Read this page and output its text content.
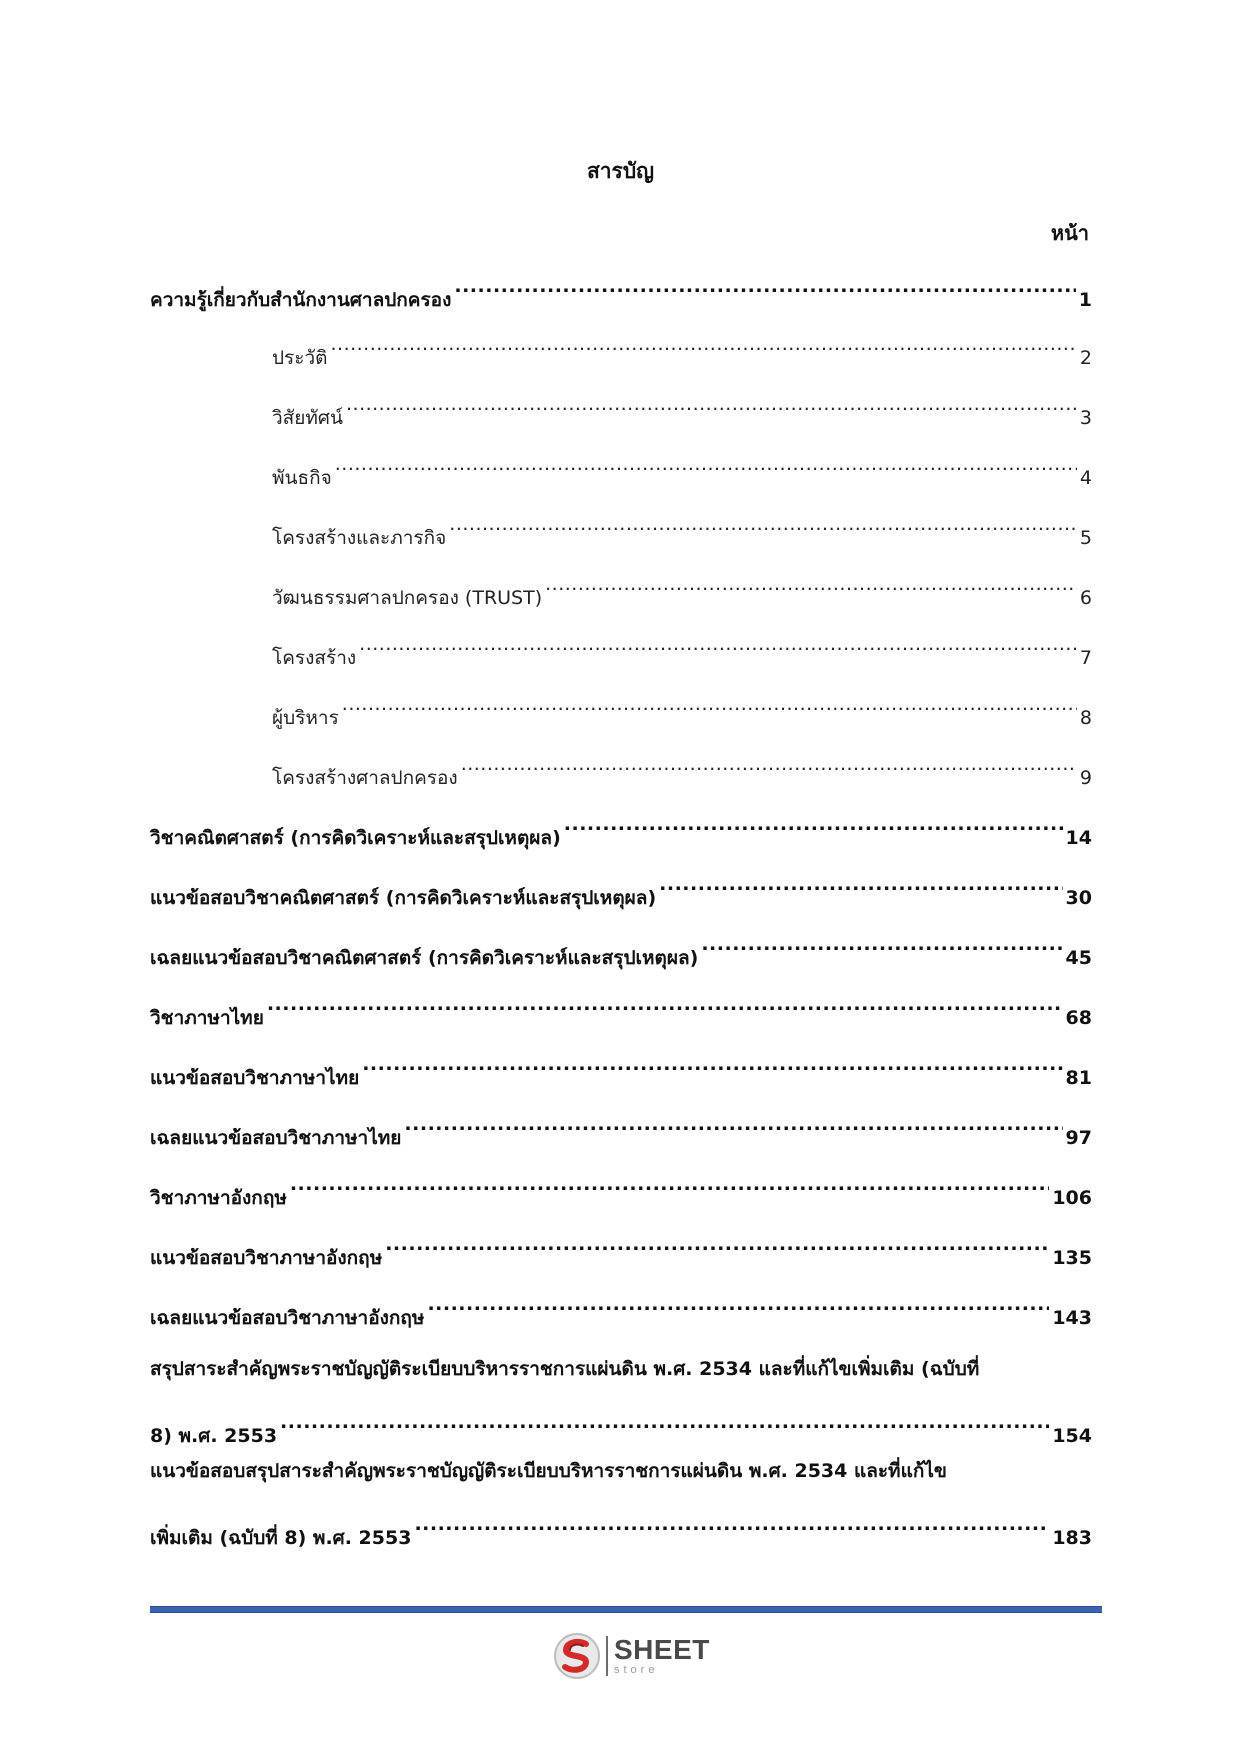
สารบัญ
หน้า
ความรู้เกี่ยวกับสำนักงานศาลปกครอง .....	1
ประวัติ .....	2
วิสัยทัศน์ .....	3
พันธกิจ .....	4
โครงสร้างและภารกิจ .....	5
วัฒนธรรมศาลปกครอง (TRUST) .....	6
โครงสร้าง .....	7
ผู้บริหาร .....	8
โครงสร้างศาลปกครอง .....	9
วิชาคณิตศาสตร์ (การคิดวิเคราะห์และสรุปเหตุผล) .....	14
แนวข้อสอบวิชาคณิตศาสตร์ (การคิดวิเคราะห์และสรุปเหตุผล) .....	30
เฉลยแนวข้อสอบวิชาคณิตศาสตร์ (การคิดวิเคราะห์และสรุปเหตุผล) .....	45
วิชาภาษาไทย .....	68
แนวข้อสอบวิชาภาษาไทย .....	81
เฉลยแนวข้อสอบวิชาภาษาไทย .....	97
วิชาภาษาอังกฤษ .....	106
แนวข้อสอบวิชาภาษาอังกฤษ .....	135
เฉลยแนวข้อสอบวิชาภาษาอังกฤษ .....	143
สรุปสาระสำคัญพระราชบัญญัติระเบียบบริหารราชการแผ่นดิน พ.ศ. 2534 และที่แก้ไขเพิ่มเติม (ฉบับที่
8) พ.ศ. 2553 .....	154
แนวข้อสอบสรุปสาระสำคัญพระราชบัญญัติระเบียบบริหารราชการแผ่นดิน พ.ศ. 2534 และที่แก้ไข
เพิ่มเติม (ฉบับที่ 8) พ.ศ. 2553 .....	183
SHEET
store
